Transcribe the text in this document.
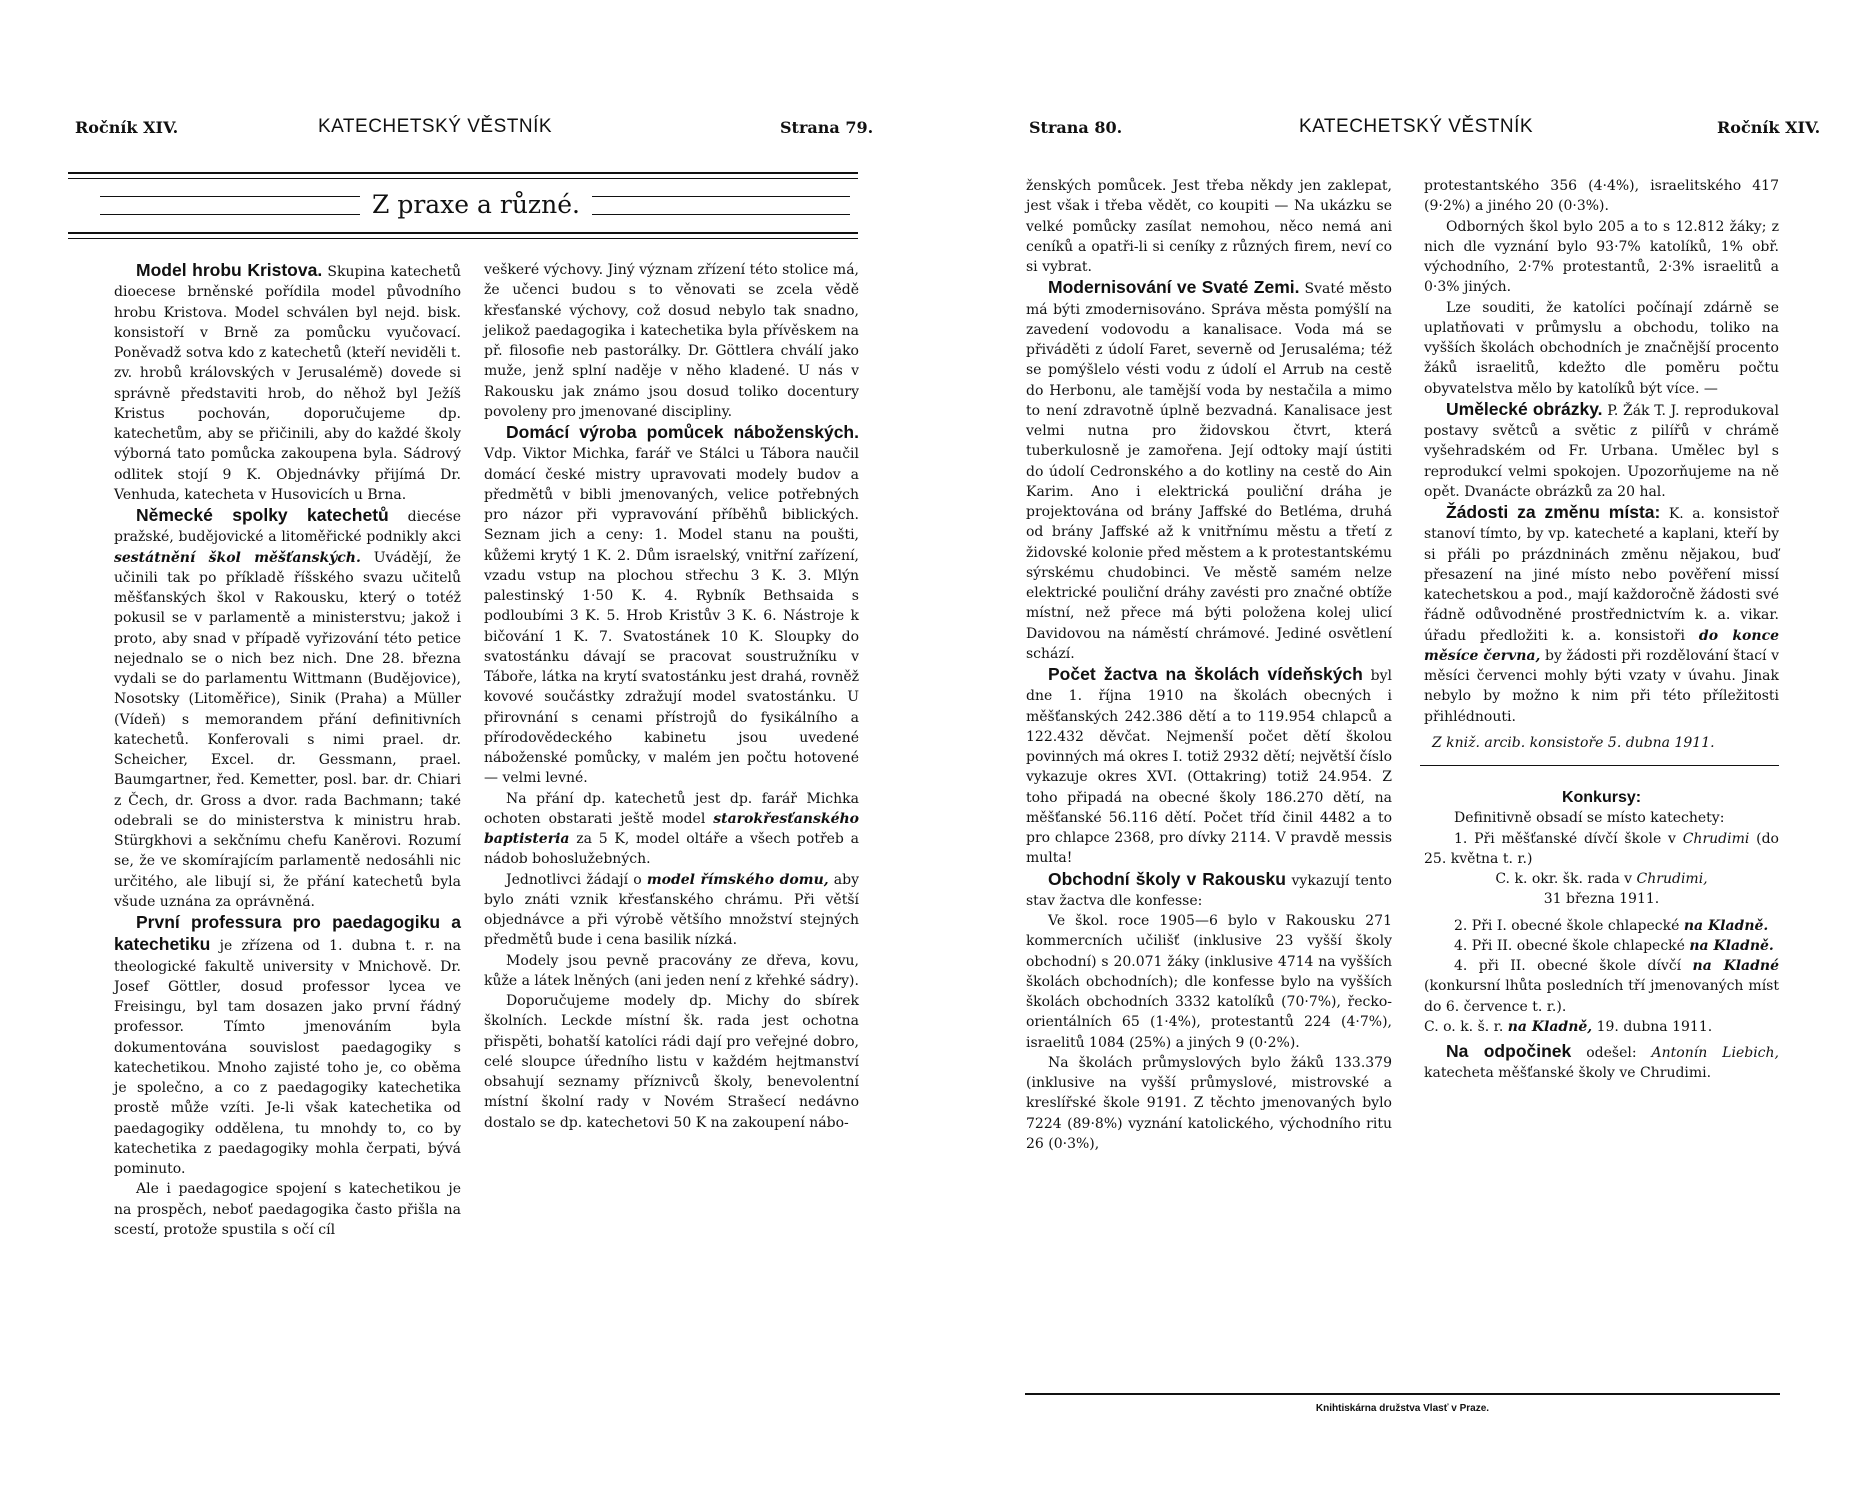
Ročník XIV.	KATECHETSKÝ VĚSTNÍK	Strana 79.
Z praxe a různé.

Model hrobu Kristova. Skupina katechetů dioecese brněnské pořídila model původního hrobu Kristova. Model schválen byl nejd. bisk. konsistoří v Brně za pomůcku vyučovací. Poněvadž sotva kdo z katechetů (kteří neviděli t. zv. hrobů královských v Jerusalémě) dovede si správně představiti hrob, do něhož byl Ježíš Kristus pochován, doporučujeme dp. katechetům, aby se přičinili, aby do každé školy výborná tato pomůcka zakoupena byla. Sádrový odlitek stojí 9 K. Objednávky přijímá Dr. Venhuda, katecheta v Husovicích u Brna.

Německé spolky katechetů diecése pražské, budějovické a litoměřické podnikly akci sestátnění škol měšťanských. Uvádějí, že učinili tak po příkladě říšského svazu učitelů měšťanských škol v Rakousku, který o totéž pokusil se v parlamentě a ministerstvu; jakož i proto, aby snad v případě vyřizování této petice nejednalo se o nich bez nich. Dne 28. března vydali se do parlamentu Wittmann (Budějovice), Nosotsky (Litoměřice), Sinik (Praha) a Müller (Vídeň) s memorandem přání definitivních katechetů. Konferovali s nimi prael. dr. Scheicher, Excel. dr. Gessmann, prael. Baumgartner, řed. Kemetter, posl. bar. dr. Chiari z Čech, dr. Gross a dvor. rada Bachmann; také odebrali se do ministerstva k ministru hrab. Stürgkhovi a sekčnímu chefu Kaněrovi. Rozumí se, že ve skomírajícím parlamentě nedosáhli nic určitého, ale libují si, že přání katechetů byla všude uznána za oprávněná.

První professura pro paedagogiku a katechetiku je zřízena od 1. dubna t. r. na theologické fakultě university v Mnichově. Dr. Josef Göttler, dosud professor lycea ve Freisingu, byl tam dosazen jako první řádný professor. Tímto jmenováním byla dokumentována souvislost paedagogiky s katechetikou. Mnoho zajisté toho je, co oběma je společno, a co z paedagogiky katechetika prostě může vzíti. Je-li však katechetika od paedagogiky oddělena, tu mnohdy to, co by katechetika z paedagogiky mohla čerpati, bývá pominuto.

Ale i paedagogice spojení s katechetikou je na prospěch, neboť paedagogika často přišla na scestí, protože spustila s očí cíl

veškeré výchovy. Jiný význam zřízení této stolice má, že učenci budou s to věnovati se zcela vědě křesťanské výchovy, což dosud nebylo tak snadno, jelikož paedagogika i katechetika byla přívěskem na př. filosofie neb pastorálky. Dr. Göttlera chválí jako muže, jenž splní naděje v něho kladené. U nás v Rakousku jak známo jsou dosud toliko docentury povoleny pro jmenované discipliny.

Domácí výroba pomůcek náboženských. Vdp. Viktor Michka, farář ve Stálci u Tábora naučil domácí české mistry upravovati modely budov a předmětů v bibli jmenovaných, velice potřebných pro názor při vypravování příběhů biblických. Seznam jich a ceny: 1. Model stanu na poušti, kůžemi krytý 1 K. 2. Dům israelský, vnitřní zařízení, vzadu vstup na plochou střechu 3 K. 3. Mlýn palestinský 1·50 K. 4. Rybník Bethsaida s podloubími 3 K. 5. Hrob Kristův 3 K. 6. Nástroje k bičování 1 K. 7. Svatostánek 10 K. Sloupky do svatostánku dávají se pracovat soustružníku v Táboře, látka na krytí svatostánku jest drahá, rovněž kovové součástky zdražují model svatostánku. U přirovnání s cenami přístrojů do fysikálního a přírodovědeckého kabinetu jsou uvedené náboženské pomůcky, v malém jen počtu hotovené — velmi levné.

Na přání dp. katechetů jest dp. farář Michka ochoten obstarati ještě model starokřesťanského baptisteria za 5 K, model oltáře a všech potřeb a nádob bohoslužebných.

Jednotlivci žádají o model římského domu, aby bylo znáti vznik křesťanského chrámu. Při větší objednávce a při výrobě většího množství stejných předmětů bude i cena basilik nízká.

Modely jsou pevně pracovány ze dřeva, kovu, kůže a látek lněných (ani jeden není z křehké sádry).

Doporučujeme modely dp. Michy do sbírek školních. Leckde místní šk. rada jest ochotna přispěti, bohatší katolíci rádi dají pro veřejné dobro, celé sloupce úředního listu v každém hejtmanství obsahují seznamy příznivců školy, benevolentní místní školní rady v Novém Strašecí nedávno dostalo se dp. katechetovi 50 K na zakoupení nábo-

Strana 80.	KATECHETSKÝ VĚSTNÍK	Ročník XIV.

ženských pomůcek. Jest třeba někdy jen zaklepat, jest však i třeba vědět, co koupiti — Na ukázku se velké pomůcky zasílat nemohou, něco nemá ani ceníků a opatři-li si ceníky z různých firem, neví co si vybrat.

Modernisování ve Svaté Zemi. Svaté město má býti zmodernisováno. Správa města pomýšlí na zavedení vodovodu a kanalisace. Voda má se přiváděti z údolí Faret, severně od Jerusaléma; též se pomýšlelo vésti vodu z údolí el Arrub na cestě do Herbonu, ale tamější voda by nestačila a mimo to není zdravotně úplně bezvadná. Kanalisace jest velmi nutna pro židovskou čtvrt, která tuberkulosně je zamořena. Její odtoky mají ústiti do údolí Cedronského a do kotliny na cestě do Ain Karim. Ano i elektrická pouliční dráha je projektována od brány Jaffské do Betléma, druhá od brány Jaffské až k vnitřnímu městu a třetí z židovské kolonie před městem a k protestantskému sýrskému chudobinci. Ve městě samém nelze elektrické pouliční dráhy zavésti pro značné obtíže místní, než přece má býti položena kolej ulicí Davidovou na náměstí chrámové. Jediné osvětlení schází.

Počet žactva na školách vídeňských byl dne 1. října 1910 na školách obecných i měšťanských 242.386 dětí a to 119.954 chlapců a 122.432 děvčat. Nejmenší počet dětí školou povinných má okres I. totiž 2932 dětí; největší číslo vykazuje okres XVI. (Ottakring) totiž 24.954. Z toho připadá na obecné školy 186.270 dětí, na měšťanské 56.116 dětí. Počet tříd činil 4482 a to pro chlapce 2368, pro dívky 2114. V pravdě messis multa!

Obchodní školy v Rakousku vykazují tento stav žactva dle konfesse:

Ve škol. roce 1905—6 bylo v Rakousku 271 kommercních učilišť (inklusive 23 vyšší školy obchodní) s 20.071 žáky (inklusive 4714 na vyšších školách obchodních); dle konfesse bylo na vyšších školách obchodních 3332 katolíků (70·7%), řecko-orientálních 65 (1·4%), protestantů 224 (4·7%), israelitů 1084 (25%) a jiných 9 (0·2%).

Na školách průmyslových bylo žáků 133.379 (inklusive na vyšší průmyslové, mistrovské a kreslířské škole 9191. Z těchto jmenovaných bylo 7224 (89·8%) vyznání katolického, východního ritu 26 (0·3%),

protestantského 356 (4·4%), israelitského 417 (9·2%) a jiného 20 (0·3%).

Odborných škol bylo 205 a to s 12.812 žáky; z nich dle vyznání bylo 93·7% katolíků, 1% obř. východního, 2·7% protestantů, 2·3% israelitů a 0·3% jiných.

Lze souditi, že katolíci počínají zdárně se uplatňovati v průmyslu a obchodu, toliko na vyšších školách obchodních je značnější procento žáků israelitů, kdežto dle poměru počtu obyvatelstva mělo by katolíků být více. —

Umělecké obrázky. P. Žák T. J. reprodukoval postavy světců a světic z pilířů v chrámě vyšehradském od Fr. Urbana. Umělec byl s reprodukcí velmi spokojen. Upozorňujeme na ně opět. Dvanácte obrázků za 20 hal.

Žádosti za změnu místa: K. a. konsistoř stanoví tímto, by vp. katecheté a kaplani, kteří by si přáli po prázdninách změnu nějakou, buď přesazení na jiné místo nebo pověření missí katechetskou a pod., mají každoročně žádosti své řádně odůvodněné prostřednictvím k. a. vikar. úřadu předložiti k. a. konsistoři do konce měsíce června, by žádosti při rozdělování štací v měsíci červenci mohly býti vzaty v úvahu. Jinak nebylo by možno k nim při této příležitosti přihlédnouti.

Z kniž. arcib. konsistoře 5. dubna 1911.

Konkursy:

Definitivně obsadí se místo katechety:

1. Při měšťanské dívčí škole v Chrudimi (do 25. května t. r.)

C. k. okr. šk. rada v Chrudimi,

31 března 1911.

2. Při I. obecné škole chlapecké na Kladně.

4. Při II. obecné škole chlapecké na Kladně.

4. při II. obecné škole dívčí na Kladné (konkursní lhůta posledních tří jmenovaných míst do 6. července t. r.).

C. o. k. š. r. na Kladně, 19. dubna 1911.

Na odpočinek odešel: Antonín Liebich, katecheta měšťanské školy ve Chrudimi.

Knihtiskárna družstva Vlasť v Praze.
